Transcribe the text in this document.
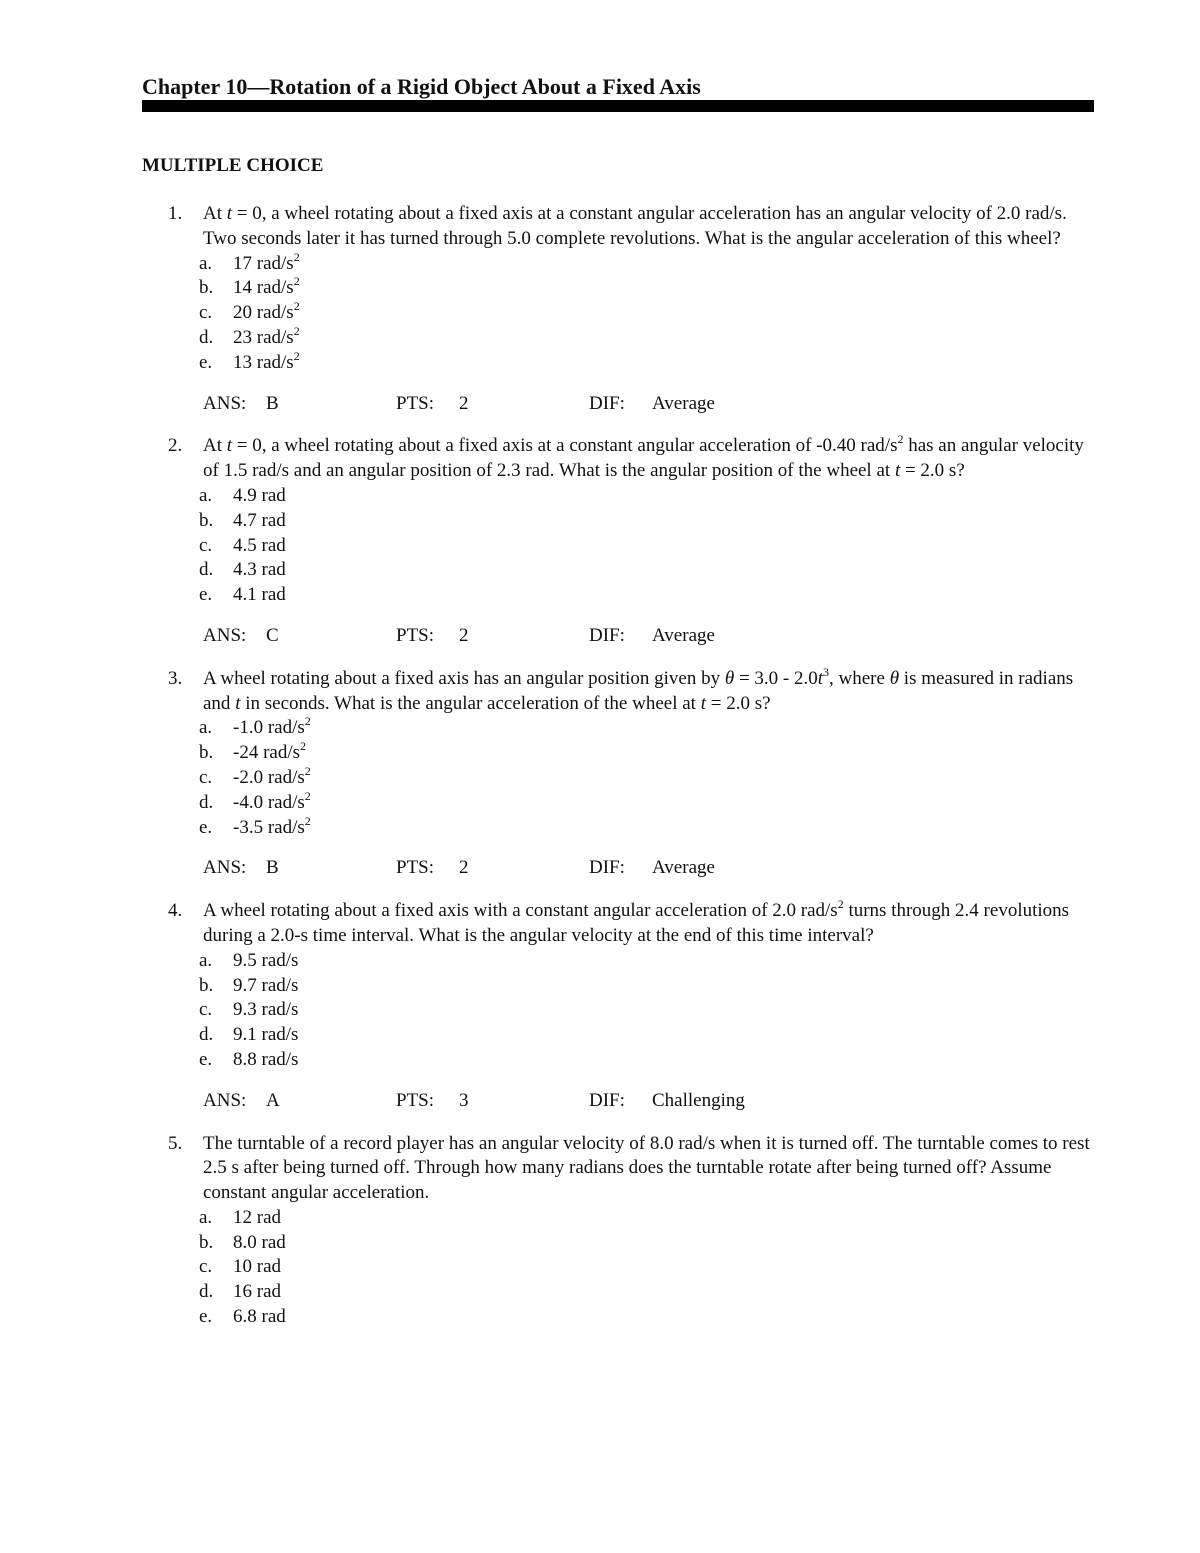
Chapter 10—Rotation of a Rigid Object About a Fixed Axis
MULTIPLE CHOICE
1. At t = 0, a wheel rotating about a fixed axis at a constant angular acceleration has an angular velocity of 2.0 rad/s. Two seconds later it has turned through 5.0 complete revolutions. What is the angular acceleration of this wheel?
a.	17 rad/$s^2$
b.	14 rad/$s^2$
c.	20 rad/$s^2$
d.	23 rad/$s^2$
e.	13 rad/$s^2$
ANS:	B	PTS:	2	DIF:	Average
2. At t = 0, a wheel rotating about a fixed axis at a constant angular acceleration of -0.40 rad/$s^2$ has an angular velocity of 1.5 rad/s and an angular position of 2.3 rad. What is the angular position of the wheel at t = 2.0 s?
a.	4.9 rad
b.	4.7 rad
c.	4.5 rad
d.	4.3 rad
e.	4.1 rad
ANS:	C	PTS:	2	DIF:	Average
3. A wheel rotating about a fixed axis has an angular position given by $\theta = 3.0 - 2.0t^3$, where θ is measured in radians and t in seconds. What is the angular acceleration of the wheel at t = 2.0 s?
a.	-1.0 rad/$s^2$
b.	-24 rad/$s^2$
c.	-2.0 rad/$s^2$
d.	-4.0 rad/$s^2$
e.	-3.5 rad/$s^2$
ANS:	B	PTS:	2	DIF:	Average
4. A wheel rotating about a fixed axis with a constant angular acceleration of 2.0 rad/$s^2$ turns through 2.4 revolutions during a 2.0-s time interval. What is the angular velocity at the end of this time interval?
a.	9.5 rad/s
b.	9.7 rad/s
c.	9.3 rad/s
d.	9.1 rad/s
e.	8.8 rad/s
ANS:	A	PTS:	3	DIF:	Challenging
5. The turntable of a record player has an angular velocity of 8.0 rad/s when it is turned off. The turntable comes to rest 2.5 s after being turned off. Through how many radians does the turntable rotate after being turned off? Assume constant angular acceleration.
a.	12 rad
b.	8.0 rad
c.	10 rad
d.	16 rad
e.	6.8 rad
